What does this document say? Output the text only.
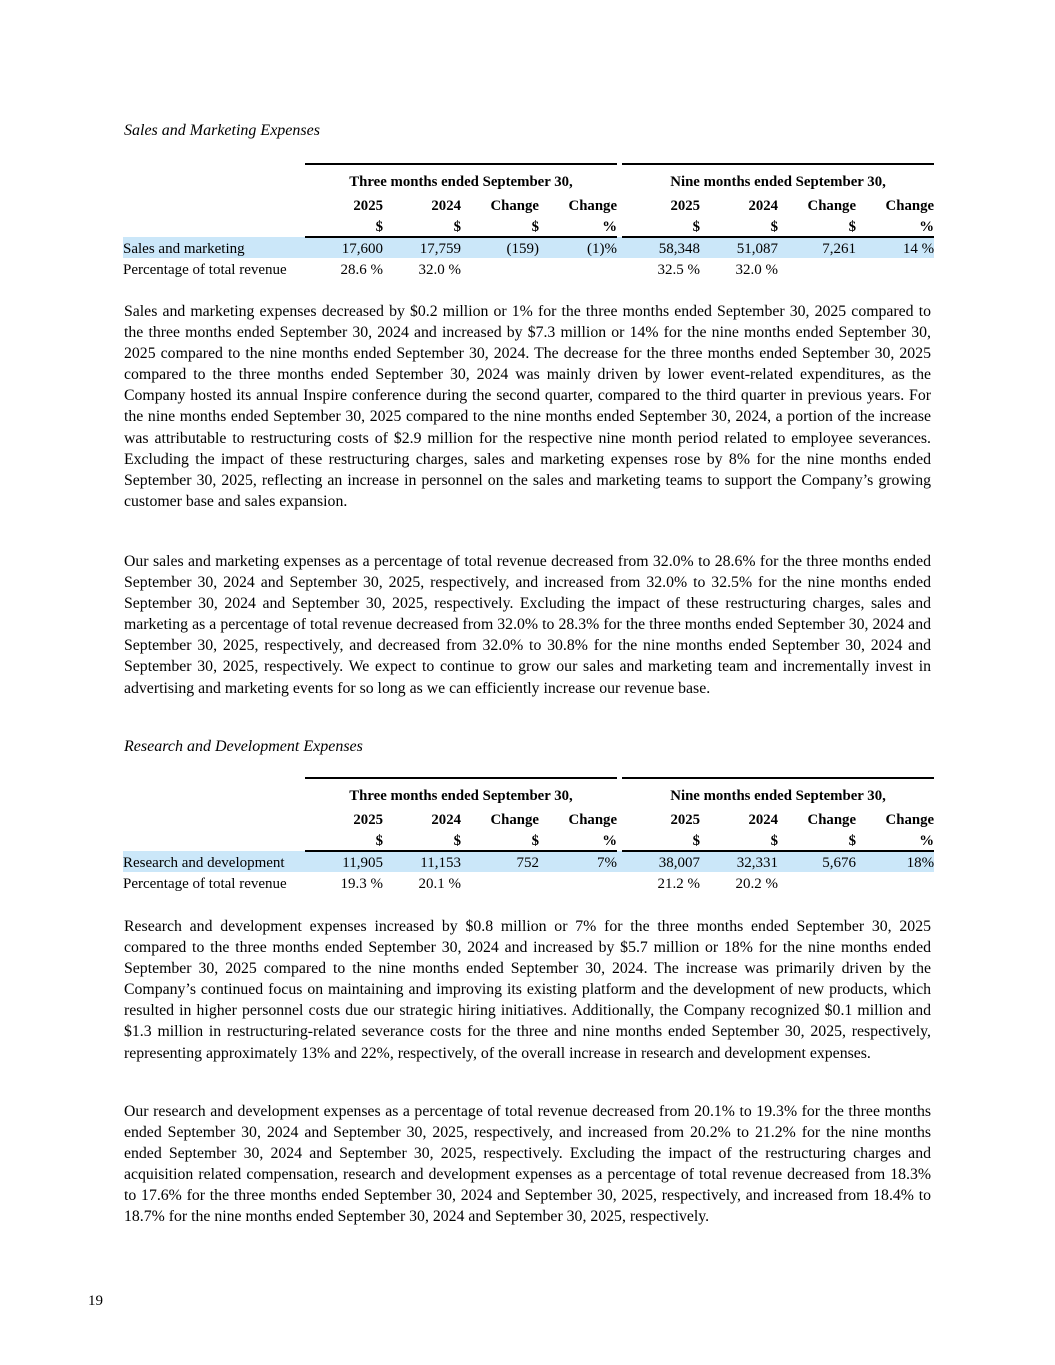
Sales and Marketing Expenses
	Three months ended September 30,					Nine months ended September 30,			
	2025	2024	Change	Change		2025	2024	Change	Change
	$	$	$	%		$	$	$	%
Sales and marketing	17,600	17,759	(159)	(1)%		58,348	51,087	7,261	14 %
Percentage of total revenue	28.6 %	32.0 %				32.5 %	32.0 %		
Sales and marketing expenses decreased by $0.2 million or 1% for the three months ended September 30, 2025 compared to the three months ended September 30, 2024 and increased by $7.3 million or 14% for the nine months ended September 30, 2025 compared to the nine months ended September 30, 2024. The decrease for the three months ended September 30, 2025 compared to the three months ended September 30, 2024 was mainly driven by lower event-related expenditures, as the Company hosted its annual Inspire conference during the second quarter, compared to the third quarter in previous years. For the nine months ended September 30, 2025 compared to the nine months ended September 30, 2024, a portion of the increase was attributable to restructuring costs of $2.9 million for the respective nine month period related to employee severances. Excluding the impact of these restructuring charges, sales and marketing expenses rose by 8% for the nine months ended September 30, 2025, reflecting an increase in personnel on the sales and marketing teams to support the Company’s growing customer base and sales expansion.
Our sales and marketing expenses as a percentage of total revenue decreased from 32.0% to 28.6% for the three months ended September 30, 2024 and September 30, 2025, respectively, and increased from 32.0% to 32.5% for the nine months ended September 30, 2024 and September 30, 2025, respectively. Excluding the impact of these restructuring charges, sales and marketing as a percentage of total revenue decreased from 32.0% to 28.3% for the three months ended September 30, 2024 and September 30, 2025, respectively, and decreased from 32.0% to 30.8% for the nine months ended September 30, 2024 and September 30, 2025, respectively. We expect to continue to grow our sales and marketing team and incrementally invest in advertising and marketing events for so long as we can efficiently increase our revenue base.
Research and Development Expenses
	Three months ended September 30,					Nine months ended September 30,			
	2025	2024	Change	Change		2025	2024	Change	Change
	$	$	$	%		$	$	$	%
Research and development	11,905	11,153	752	7%		38,007	32,331	5,676	18%
Percentage of total revenue	19.3 %	20.1 %				21.2 %	20.2 %		
Research and development expenses increased by $0.8 million or 7% for the three months ended September 30, 2025 compared to the three months ended September 30, 2024 and increased by $5.7 million or 18% for the nine months ended September 30, 2025 compared to the nine months ended September 30, 2024. The increase was primarily driven by the Company’s continued focus on maintaining and improving its existing platform and the development of new products, which resulted in higher personnel costs due our strategic hiring initiatives. Additionally, the Company recognized $0.1 million and $1.3 million in restructuring-related severance costs for the three and nine months ended September 30, 2025, respectively, representing approximately 13% and 22%, respectively, of the overall increase in research and development expenses.
Our research and development expenses as a percentage of total revenue decreased from 20.1% to 19.3% for the three months ended September 30, 2024 and September 30, 2025, respectively, and increased from 20.2% to 21.2% for the nine months ended September 30, 2024 and September 30, 2025, respectively. Excluding the impact of the restructuring charges and acquisition related compensation, research and development expenses as a percentage of total revenue decreased from 18.3% to 17.6% for the three months ended September 30, 2024 and September 30, 2025, respectively, and increased from 18.4% to 18.7% for the nine months ended September 30, 2024 and September 30, 2025, respectively.
19
